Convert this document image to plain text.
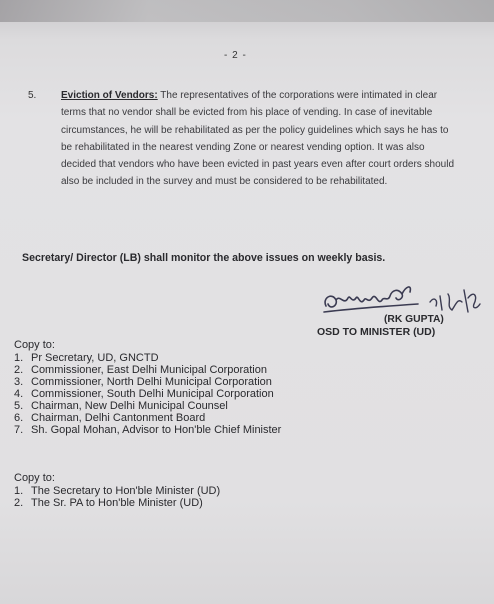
- 2 -
5. Eviction of Vendors: The representatives of the corporations were intimated in clear terms that no vendor shall be evicted from his place of vending. In case of inevitable circumstances, he will be rehabilitated as per the policy guidelines which says he has to be rehabilitated in the nearest vending Zone or nearest vending option. It was also decided that vendors who have been evicted in past years even after court orders should also be included in the survey and must be considered to be rehabilitated.
Secretary/ Director (LB) shall monitor the above issues on weekly basis.
(RK GUPTA)
OSD TO MINISTER (UD)
Copy to:
1. Pr Secretary, UD, GNCTD
2. Commissioner, East Delhi Municipal Corporation
3. Commissioner, North Delhi Municipal Corporation
4. Commissioner, South Delhi Municipal Corporation
5. Chairman, New Delhi Municipal Counsel
6. Chairman, Delhi Cantonment Board
7. Sh. Gopal Mohan, Advisor to Hon'ble Chief Minister
Copy to:
1. The Secretary to Hon'ble Minister (UD)
2. The Sr. PA to Hon'ble Minister (UD)
